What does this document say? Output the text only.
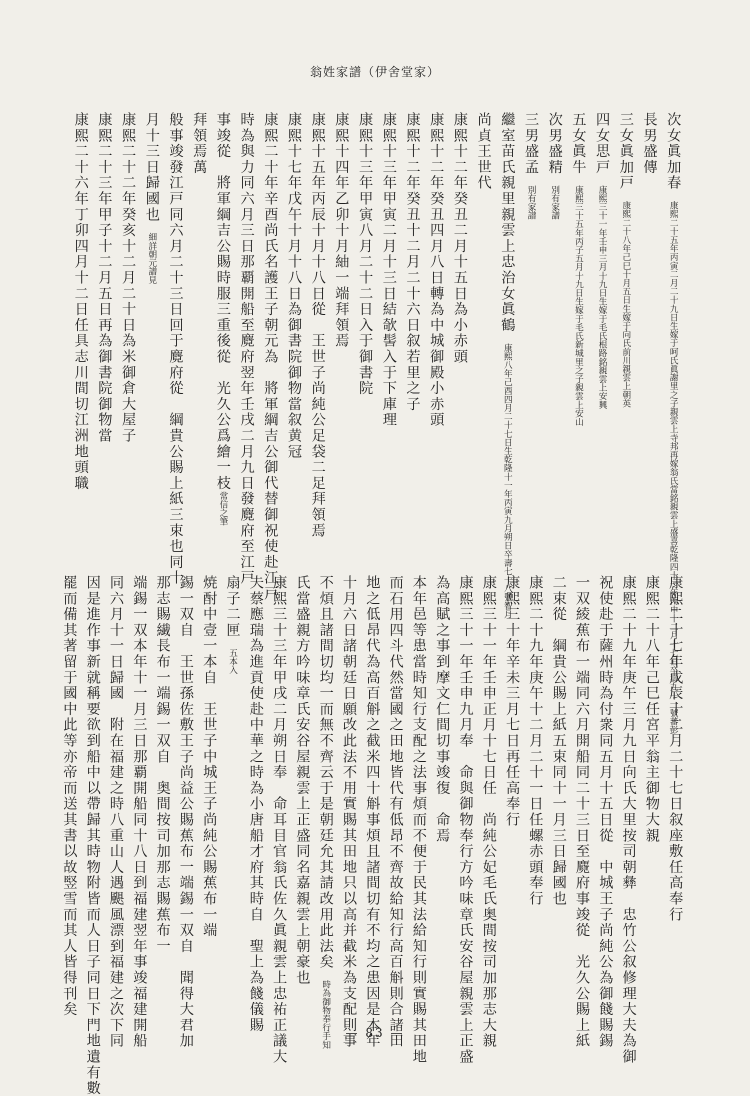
翁姓家譜（伊舍堂家）
次女眞加春 康熙二十五年丙寅二月二十九日生嫁于呵氏眞謝里之子親雲上寺邦再嫁翁氏當銘親雲上盛喜乾隆四十一年丙申十二月十七日卒壽九十一號蕃彭
長男盛傳
三女眞加戸 康熙二十八年己巳十月五日生嫁于向氏前川親雲上朝英
四女思戸 康熙三十一年壬申三月十九日生嫁于毛氏根路銘親雲上安興
五女眞牛 康熙三十五年丙子五月十九日生嫁于毛氏新城里之子親雲上安山
次男盛精 別有家譜
三男盛孟 別有家譜
繼室苗氏親里親雲上忠治女眞鶴 康熙八年己酉四月二十七日生乾隆十一年丙寅九月朔日卒壽七十八號智月
尚貞王世代
康熙十二年癸丑二月十五日為小赤頭
康熙十二年癸丑四月八日轉為中城御殿小赤頭
康熙十二年癸丑十二月二十六日叙若里之子
康熙十三年甲寅二月十三日結欹髻入于下庫理
康熙十三年甲寅八月二十二日入于御書院
康熙十四年乙卯十月紬一端拜領焉
康熙十五年丙辰十月十八日從　王世子尚純公足袋二足拜領焉
康熙十七年戊午十月十八日為御書院御物當叙黄冠
康熙二十年辛酉尚氏名護王子朝元為　將軍綱吉公御代替御祝使赴江戸
時為與力同六月三日那覇開船至麑府翌年壬戌二月九日發麑府至江戸
事竣從　將軍綱吉公賜時服三重後從　光久公爲繪一枝常信之筆
拜領焉萬
般事竣發江戸同六月二十三日回于麑府從　綱貴公賜上紙三束也同十
月十三日歸國也 細詳朝元譜見
康熙二十二年癸亥十二月二十日為米御倉大屋子
康熙二十三年甲子十二月五日再為御書院御物當
康熙二十六年丁卯四月十二日任具志川間切江洲地頭職
康熙二十七年戊辰十二月二十七日叙座敷任高奉行
康熙二十八年己巳任宮平翁主御物大親
康熙二十九年庚午三月九日向氏大里按司朝彝　忠竹公叙修理大夫為御
祝使赴于薩州時為付衆同五月十五日從　中城王子尚純公為御餞賜錫
一双綾蕉布一端同六月開船同二十三日至麑府事竣從　光久公賜上紙
二束從　綱貴公賜上紙五束同十一月三日歸國也
康熙二十九年庚午十二月二十一日任螺赤頭奉行
康熙三十年辛未三月七日再任高奉行
康熙三十一年壬申正月十七日任　尚純公妃毛氏奥間按司加那志大親
康熙三十一年壬申九月奉　命與御物奉行方吟味章氏安谷屋親雲上正盛
為高賦之事到摩文仁間切事竣復　命焉
本年邑等患當時知行支配之法事煩而不便于民其法給知行則實賜其田地
而石用四斗代然當國之田地皆代有低昂不齊故給知行高百斛則合諸田
地之低昂代為高百斛之截米四十斛事煩且諸間切有不均之患因是本年
十月六日諸朝廷日願改此法不用實賜其田地只以高并截米為支配則事
不煩且諸間切均一而無不齊云于是朝廷允其請改用此法矣 時為御物奉行手知
氏當盛親方吟味章氏安谷屋親雲上正盛同名嘉親雲上朝豪也
康熙三十三年甲戌二月朔日奉　命耳目官翁氏佐久眞親雲上忠祐正議大
夫蔡應瑞為進貢使赴中華之時為小唐船才府其時自　聖上為餞儀賜
扇子二匣 五本入
焼酎中壹一本自　王世子中城王子尚純公賜蕉布一端
錫一双自　王世孫佐敷王子尚益公賜蕉布一端錫一双自　聞得大君加
那志賜繊長布一端錫一双自　奥間按司加那志賜蕉布一
端錫一双本年十一月三日那覇開船同十八日到福建翌年事竣福建開船
同六月十一日歸國　附在福建之時八重山人遇颶風漂到福建之次下同
因是進作事新就稱要欲到船中以帶歸其時物附皆而人日子同日下門地遺有數
罷而備其著留于國中此等亦帝而送其書以故竪雪而其人皆得刊矣
— 83 —
